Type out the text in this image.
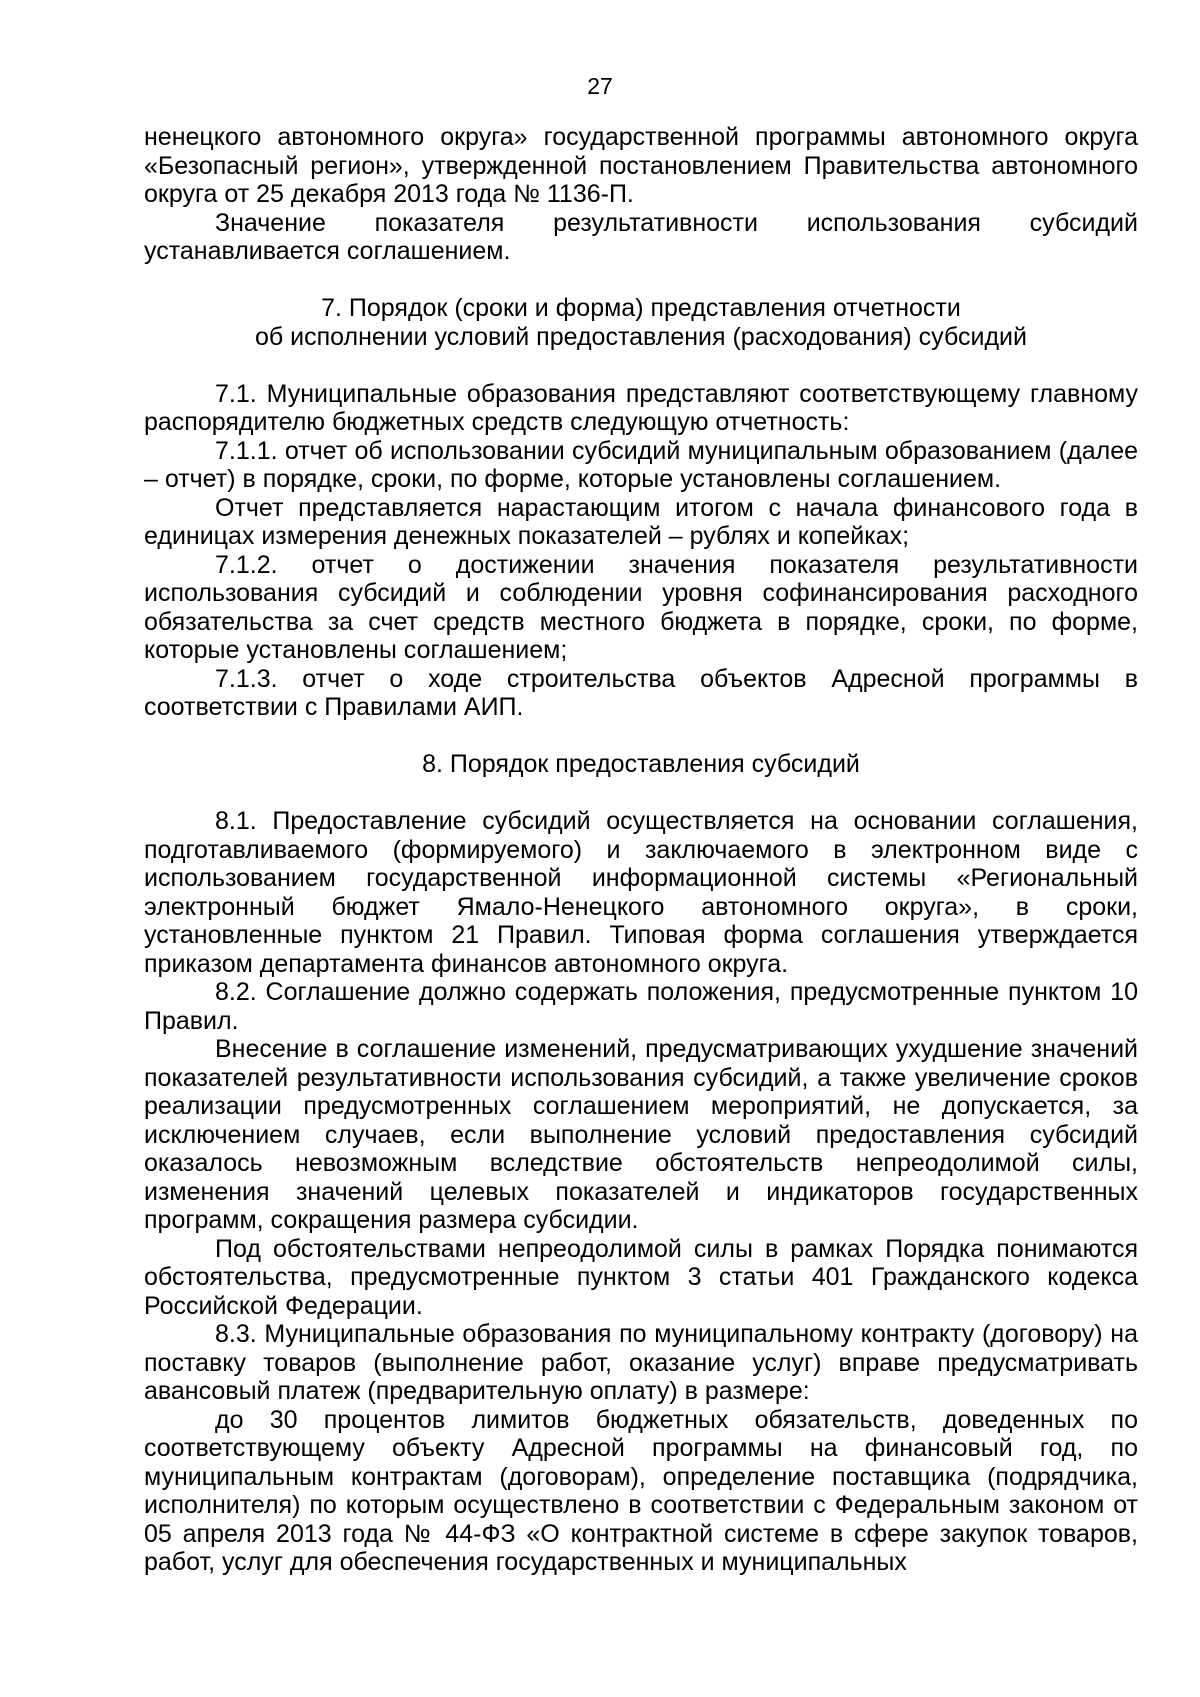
27

ненецкого автономного округа» государственной программы автономного округа «Безопасный регион», утвержденной постановлением Правительства автономного округа от 25 декабря 2013 года № 1136-П.

Значение показателя результативности использования субсидий устанавливается соглашением.

7. Порядок (сроки и форма) представления отчетности
об исполнении условий предоставления (расходования) субсидий

7.1. Муниципальные образования представляют соответствующему главному распорядителю бюджетных средств следующую отчетность:

7.1.1. отчет об использовании субсидий муниципальным образованием (далее – отчет) в порядке, сроки, по форме, которые установлены соглашением.

Отчет представляется нарастающим итогом с начала финансового года в единицах измерения денежных показателей – рублях и копейках;

7.1.2. отчет о достижении значения показателя результативности использования субсидий и соблюдении уровня софинансирования расходного обязательства за счет средств местного бюджета в порядке, сроки, по форме, которые установлены соглашением;

7.1.3. отчет о ходе строительства объектов Адресной программы в соответствии с Правилами АИП.

8. Порядок предоставления субсидий

8.1. Предоставление субсидий осуществляется на основании соглашения, подготавливаемого (формируемого) и заключаемого в электронном виде с использованием государственной информационной системы «Региональный электронный бюджет Ямало-Ненецкого автономного округа», в сроки, установленные пунктом 21 Правил. Типовая форма соглашения утверждается приказом департамента финансов автономного округа.

8.2. Соглашение должно содержать положения, предусмотренные пунктом 10 Правил.

Внесение в соглашение изменений, предусматривающих ухудшение значений показателей результативности использования субсидий, а также увеличение сроков реализации предусмотренных соглашением мероприятий, не допускается, за исключением случаев, если выполнение условий предоставления субсидий оказалось невозможным вследствие обстоятельств непреодолимой силы, изменения значений целевых показателей и индикаторов государственных программ, сокращения размера субсидии.

Под обстоятельствами непреодолимой силы в рамках Порядка понимаются обстоятельства, предусмотренные пунктом 3 статьи 401 Гражданского кодекса Российской Федерации.

8.3. Муниципальные образования по муниципальному контракту (договору) на поставку товаров (выполнение работ, оказание услуг) вправе предусматривать авансовый платеж (предварительную оплату) в размере:

до 30 процентов лимитов бюджетных обязательств, доведенных по соответствующему объекту Адресной программы на финансовый год, по муниципальным контрактам (договорам), определение поставщика (подрядчика, исполнителя) по которым осуществлено в соответствии с Федеральным законом от 05 апреля 2013 года № 44-ФЗ «О контрактной системе в сфере закупок товаров, работ, услуг для обеспечения государственных и муниципальных
